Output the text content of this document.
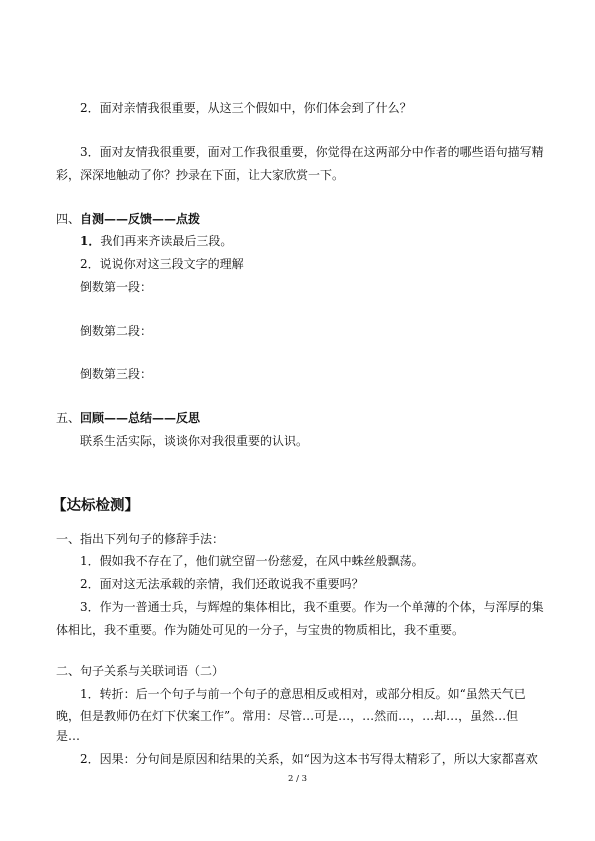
2．面对亲情我很重要，从这三个假如中，你们体会到了什么？

3．面对友情我很重要，面对工作我很重要，你觉得在这两部分中作者的哪些语句描写精

彩，深深地触动了你？抄录在下面，让大家欣赏一下。

四、自测——反馈——点拨

1．我们再来齐读最后三段。

2．说说你对这三段文字的理解

倒数第一段：

倒数第二段：

倒数第三段：

五、回顾——总结——反思

联系生活实际，谈谈你对我很重要的认识。

【达标检测】

一、指出下列句子的修辞手法：

1．假如我不存在了，他们就空留一份慈爱，在风中蛛丝般飘荡。

2．面对这无法承载的亲情，我们还敢说我不重要吗？

3．作为一普通士兵，与辉煌的集体相比，我不重要。作为一个单薄的个体，与浑厚的集

体相比，我不重要。作为随处可见的一分子，与宝贵的物质相比，我不重要。

二、句子关系与关联词语（二）

1．转折：后一个句子与前一个句子的意思相反或相对，或部分相反。如“虽然天气已

晚，但是教师仍在灯下伏案工作”。常用：尽管…可是…，…然而…，…却…，虽然…但

是…

2．因果：分句间是原因和结果的关系，如“因为这本书写得太精彩了，所以大家都喜欢

2 / 3
